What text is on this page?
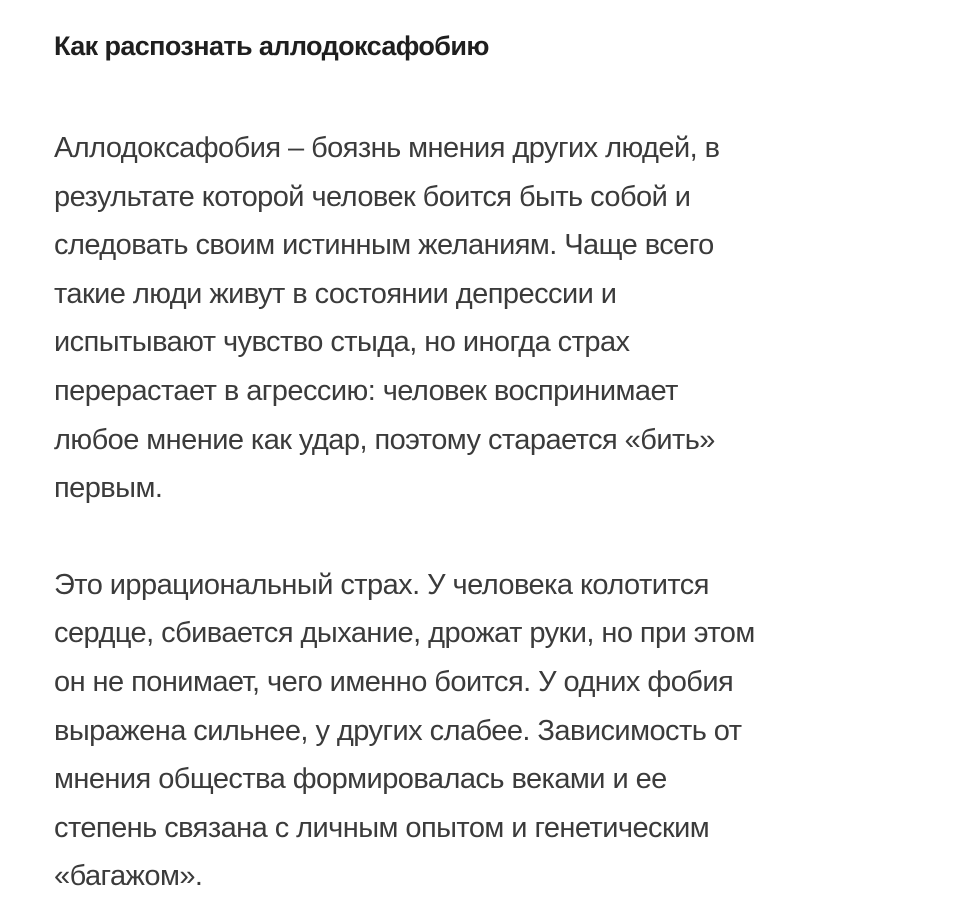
Как распознать аллодоксафобию

Аллодоксафобия – боязнь мнения других людей, в
результате которой человек боится быть собой и
следовать своим истинным желаниям. Чаще всего
такие люди живут в состоянии депрессии и
испытывают чувство стыда, но иногда страх
перерастает в агрессию: человек воспринимает
любое мнение как удар, поэтому старается «бить»
первым.

Это иррациональный страх. У человека колотится
сердце, сбивается дыхание, дрожат руки, но при этом
он не понимает, чего именно боится. У одних фобия
выражена сильнее, у других слабее. Зависимость от
мнения общества формировалась веками и ее
степень связана с личным опытом и генетическим
«багажом».
